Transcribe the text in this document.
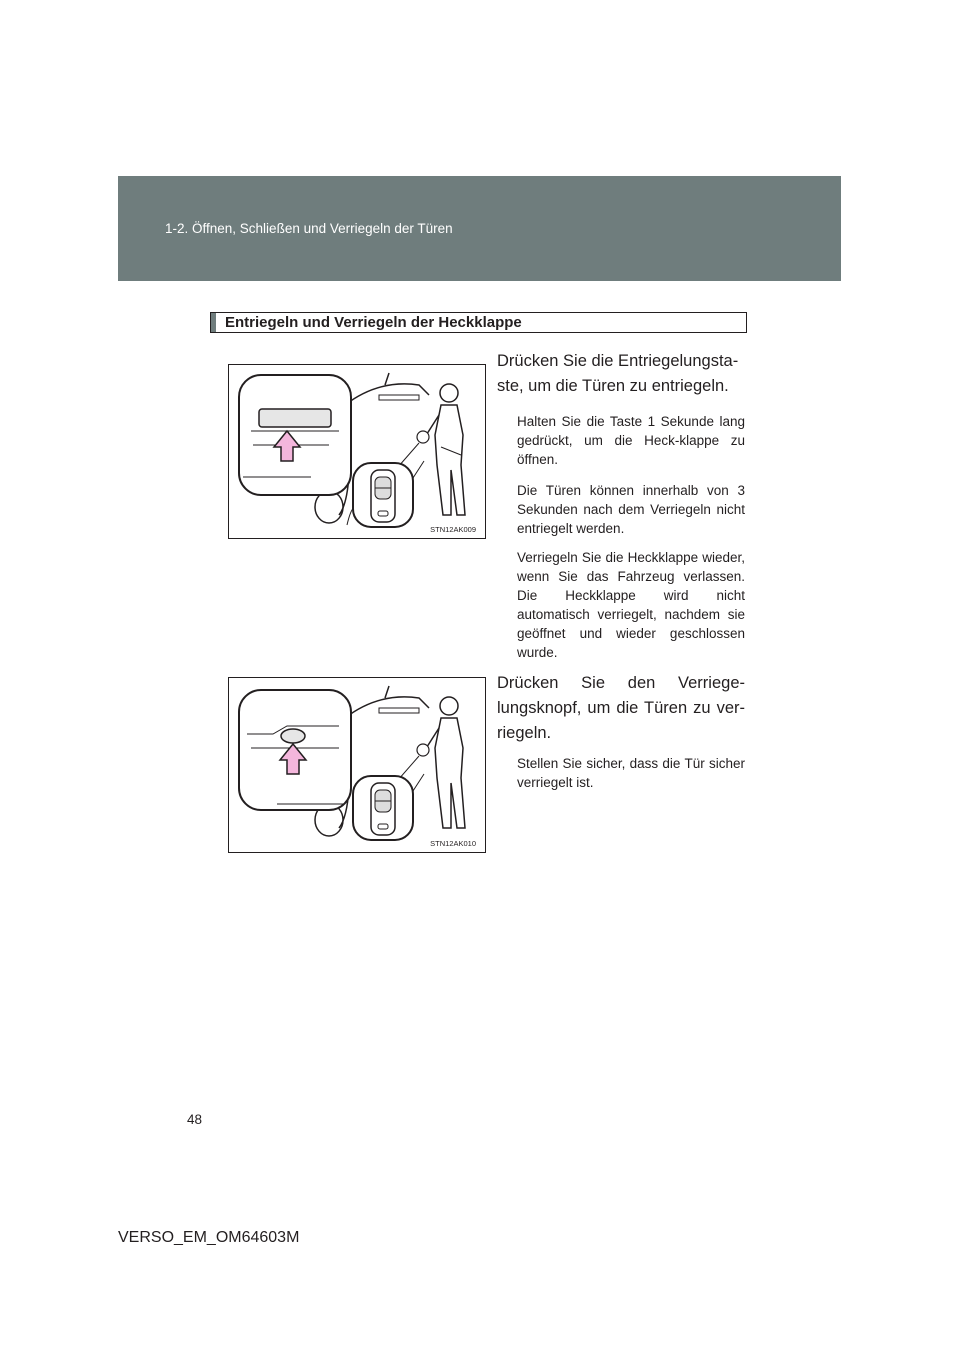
1-2. Öffnen, Schließen und Verriegeln der Türen
Entriegeln und Verriegeln der Heckklappe
STN12AK009
STN12AK010
Drücken Sie die Entriegelungsta-ste, um die Türen zu entriegeln.
Halten Sie die Taste 1 Sekunde lang gedrückt, um die Heck-klappe zu öffnen.
Die Türen können innerhalb von 3 Sekunden nach dem Verriegeln nicht entriegelt werden.
Verriegeln Sie die Heckklappe wieder, wenn Sie das Fahrzeug verlassen. Die Heckklappe wird nicht automatisch verriegelt, nachdem sie geöffnet und wieder geschlossen wurde.
Drücken Sie den Verriege-lungsknopf, um die Türen zu ver-riegeln.
Stellen Sie sicher, dass die Tür sicher verriegelt ist.
48
VERSO_EM_OM64603M
